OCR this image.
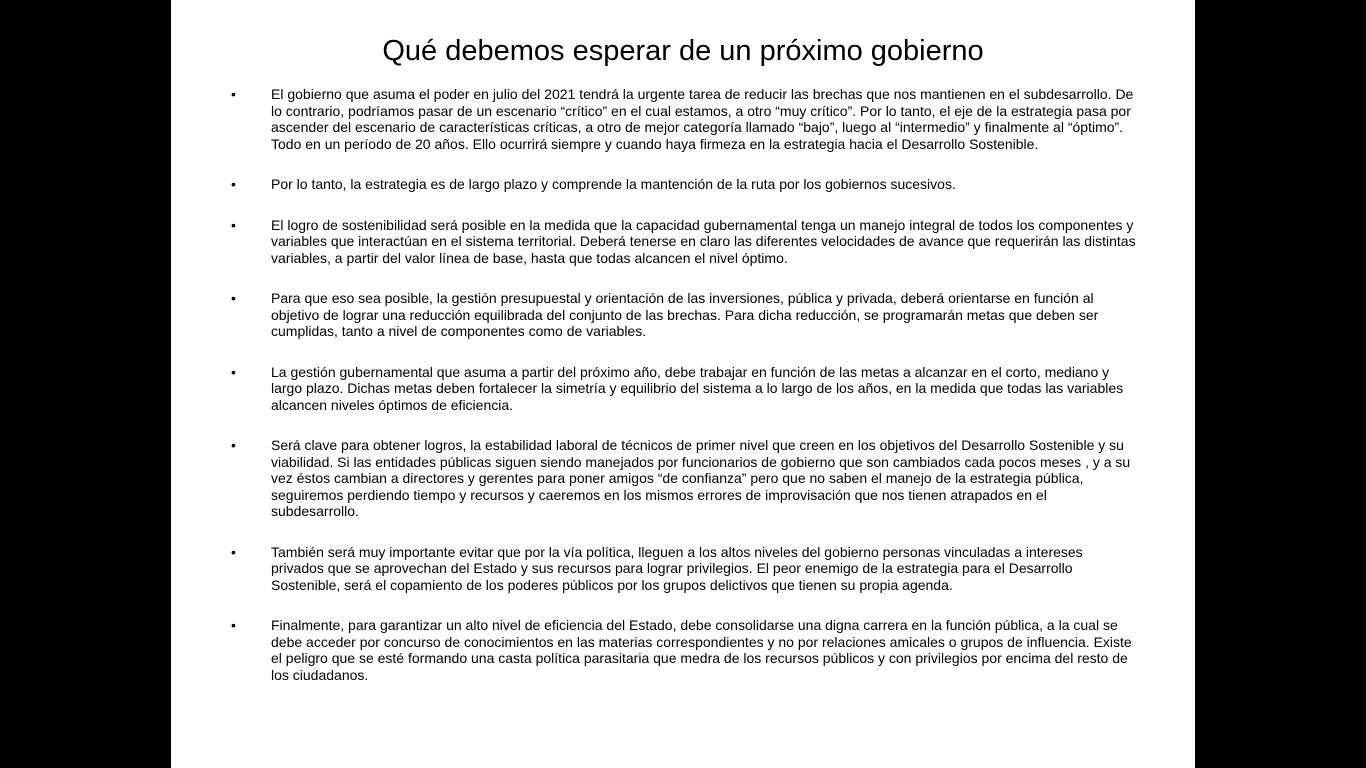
Qué debemos esperar de un próximo gobierno
•	El gobierno que asuma el poder en julio del 2021 tendrá la urgente tarea de reducir las brechas que nos mantienen en el subdesarrollo. De lo contrario, podríamos pasar de un escenario “crítico” en el cual estamos, a otro “muy crítico”. Por lo tanto, el eje de la estrategia pasa por ascender del escenario de características críticas, a otro de mejor categoría llamado “bajo”, luego al “intermedio” y finalmente al “óptimo”. Todo en un período de 20 años. Ello ocurrirá siempre y cuando haya firmeza en la estrategia hacia el Desarrollo Sostenible.
•	Por lo tanto, la estrategia es de largo plazo y comprende la mantención de la ruta por los gobiernos sucesivos.
•	El logro de sostenibilidad será posible en la medida que la capacidad gubernamental tenga un manejo integral de todos los componentes y variables que interactúan en el sistema territorial. Deberá tenerse en claro las diferentes velocidades de avance que requerirán las distintas variables, a partir del valor línea de base, hasta que todas alcancen el nivel óptimo.
•	Para que eso sea posible, la gestión presupuestal y orientación de las inversiones, pública y privada, deberá orientarse en función al objetivo de lograr una reducción equilibrada del conjunto de las brechas. Para dicha reducción, se programarán metas que deben ser cumplidas, tanto a nivel de componentes como de variables.
•	La gestión gubernamental que asuma a partir del próximo año, debe trabajar en función de las metas a alcanzar en el corto, mediano y largo plazo. Dichas metas deben fortalecer la simetría y equilibrio del sistema a lo largo de los años, en la medida que todas las variables alcancen niveles óptimos de eficiencia.
•	Será clave para obtener logros, la estabilidad laboral de técnicos de primer nivel que creen en los objetivos del Desarrollo Sostenible y su viabilidad. Si las entidades públicas siguen siendo manejados por funcionarios de gobierno que son cambiados cada pocos meses , y a su vez éstos cambian a directores y gerentes para poner amigos “de confianza” pero que no saben el manejo de la estrategia pública, seguiremos perdiendo tiempo y recursos y caeremos en los mismos errores de improvisación que nos tienen atrapados en el subdesarrollo.
•	También será muy importante evitar que por la vía política, lleguen a los altos niveles del gobierno personas vinculadas a intereses privados que se aprovechan del Estado y sus recursos para lograr privilegios. El peor enemigo de la estrategia para el Desarrollo Sostenible, será el copamiento de los poderes públicos por los grupos delictivos que tienen su propia agenda.
•	Finalmente, para garantizar un alto nivel de eficiencia del Estado, debe consolidarse una digna carrera en la función pública, a la cual se debe acceder por concurso de conocimientos en las materias correspondientes y no por relaciones amicales o grupos de influencia. Existe el peligro que se esté formando una casta política parasitaria que medra de los recursos públicos y con privilegios por encima del resto de los ciudadanos.
